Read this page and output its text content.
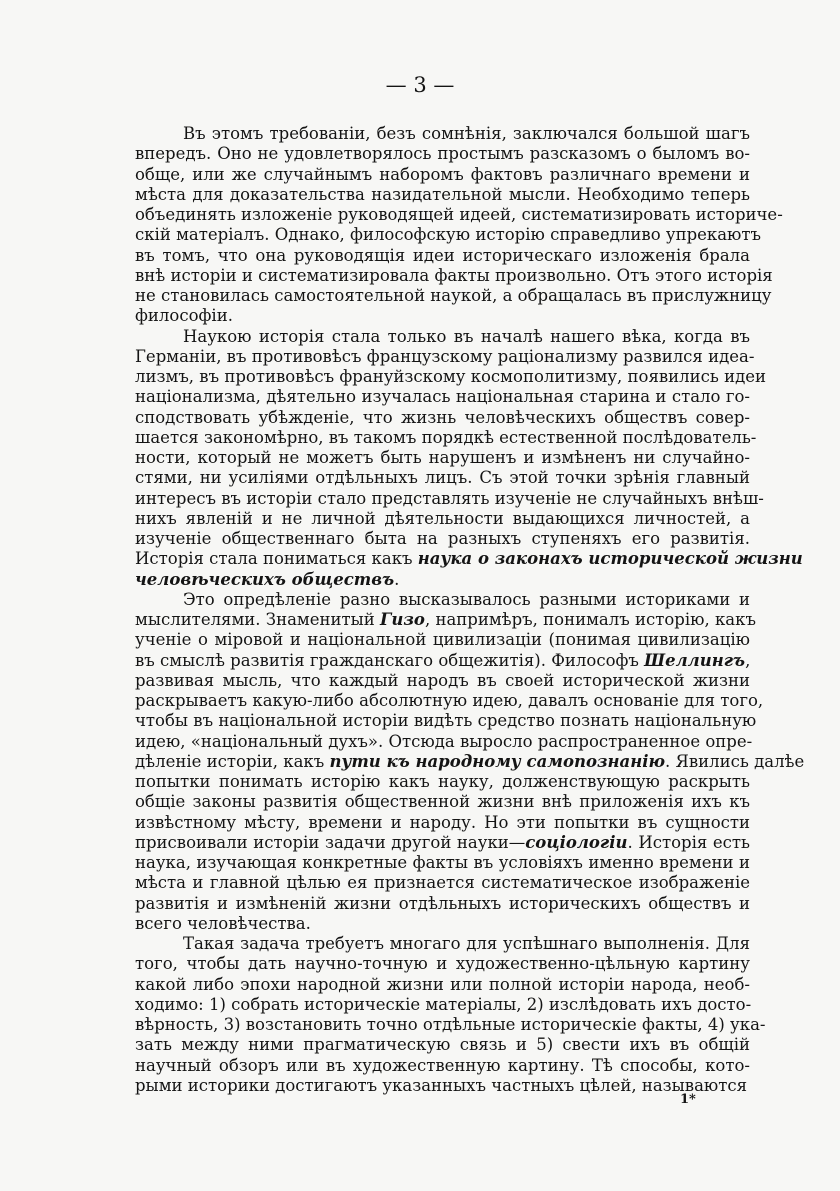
— 3 —
Въ этомъ требованіи, безъ сомнѣнія, заключался большой шагъ
впередъ. Оно не удовлетворялось простымъ разсказомъ о быломъ во-
обще, или же случайнымъ наборомъ фактовъ различнаго времени и
мѣста для доказательства назидательной мысли. Необходимо теперь
объединять изложеніе руководящей идеей, систематизировать историче-
скій матеріалъ. Однако, философскую исторію справедливо упрекаютъ
въ томъ, что она руководящія идеи историческаго изложенія брала
внѣ исторіи и систематизировала факты произвольно. Отъ этого исторія
не становилась самостоятельной наукой, а обращалась въ прислужницу
философіи.
Наукою исторія стала только въ началѣ нашего вѣка, когда въ
Германіи, въ противовѣсъ французскому раціонализму развился идеа-
лизмъ, въ противовѣсъ франуйзскому космополитизму, появились идеи
націонализма, дѣятельно изучалась національная старина и стало го-
сподствовать убѣжденіе, что жизнь человѣческихъ обществъ совер-
шается закономѣрно, въ такомъ порядкѣ естественной послѣдователь-
ности, который не можетъ быть нарушенъ и измѣненъ ни случайно-
стями, ни усиліями отдѣльныхъ лицъ. Съ этой точки зрѣнія главный
интересъ въ исторіи стало представлять изученіе не случайныхъ внѣш-
нихъ явленій и не личной дѣятельности выдающихся личностей, а
изученіе общественнаго быта на разныхъ ступеняхъ его развитія.
Исторія стала пониматься какъ наука о законахъ исторической жизни
человѣческихъ обществъ.
Это опредѣленіе разно высказывалось разными историками и
мыслителями. Знаменитый Гизо, напримѣръ, понималъ исторію, какъ
ученіе о міровой и національной цивилизаціи (понимая цивилизацію
въ смыслѣ развитія гражданскаго общежитія). Философъ Шеллингъ,
развивая мысль, что каждый народъ въ своей исторической жизни
раскрываетъ какую-либо абсолютную идею, давалъ основаніе для того,
чтобы въ національной исторіи видѣть средство познать національную
идею, «національный духъ». Отсюда выросло распространенное опре-
дѣленіе исторіи, какъ пути къ народному самопознанію. Явились далѣе
попытки понимать исторію какъ науку, долженствующую раскрыть
общіе законы развитія общественной жизни внѣ приложенія ихъ къ
извѣстному мѣсту, времени и народу. Но эти попытки въ сущности
присвоивали исторіи задачи другой науки—соціологіи. Исторія есть
наука, изучающая конкретные факты въ условіяхъ именно времени и
мѣста и главной цѣлью ея признается систематическое изображеніе
развитія и измѣненій жизни отдѣльныхъ историческихъ обществъ и
всего человѣчества.
Такая задача требуетъ многаго для успѣшнаго выполненія. Для
того, чтобы дать научно-точную и художественно-цѣльную картину
какой либо эпохи народной жизни или полной исторіи народа, необ-
ходимо: 1) собрать историческіе матеріалы, 2) изслѣдовать ихъ досто-
вѣрность, 3) возстановить точно отдѣльные историческіе факты, 4) ука-
зать между ними прагматическую связь и 5) свести ихъ въ общій
научный обзоръ или въ художественную картину. Тѣ способы, кото-
рыми историки достигаютъ указанныхъ частныхъ цѣлей, называются
1*
